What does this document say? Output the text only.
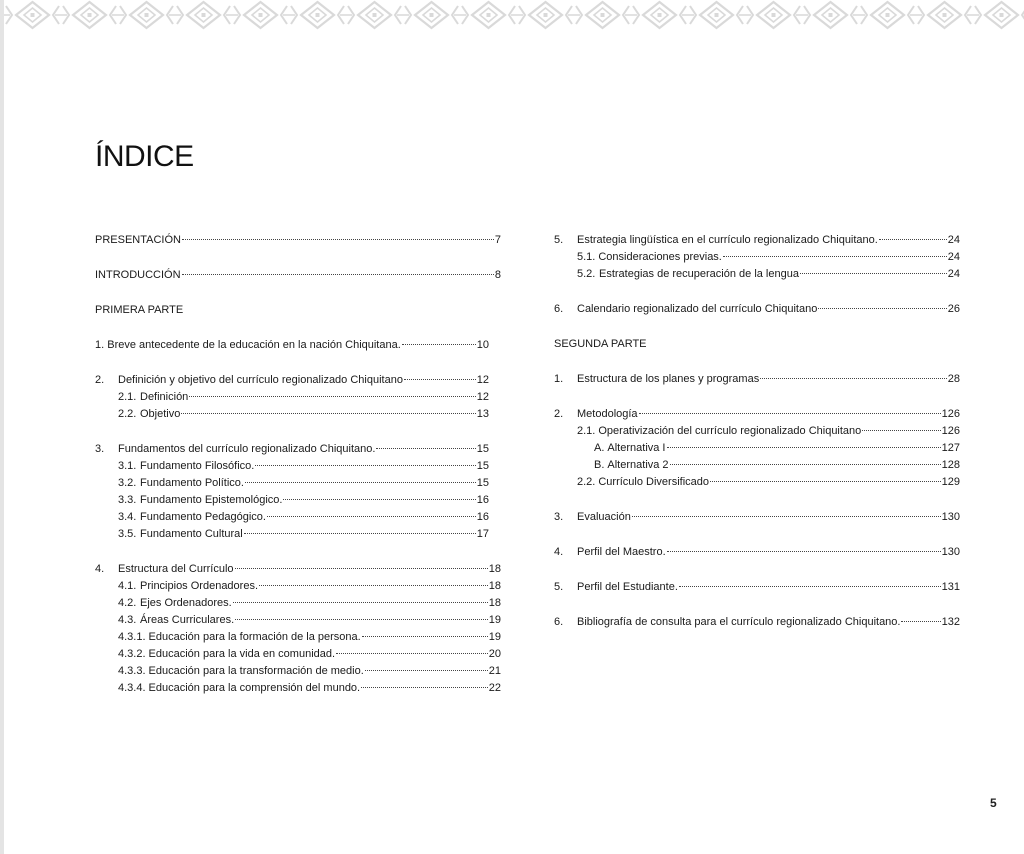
ÍNDICE
PRESENTACIÓN	7
INTRODUCCIÓN	8
PRIMERA PARTE
1. Breve antecedente de la educación en la nación Chiquitana.	10
2.	Definición y objetivo del currículo regionalizado Chiquitano	12
2.1. Definición	12
2.2. Objetivo	13
3.	Fundamentos del currículo regionalizado Chiquitano.	15
3.1. Fundamento Filosófico.	15
3.2. Fundamento Político.	15
3.3. Fundamento Epistemológico.	16
3.4. Fundamento Pedagógico.	16
3.5. Fundamento Cultural	17
4.	Estructura del Currículo	18
4.1. Principios Ordenadores.	18
4.2. Ejes Ordenadores.	18
4.3. Áreas Curriculares.	19
4.3.1. Educación para la formación de la persona.	19
4.3.2. Educación para la vida en comunidad.	20
4.3.3. Educación para la transformación de medio.	21
4.3.4. Educación para la comprensión del mundo.	22
5.	Estrategia lingüística en el currículo regionalizado Chiquitano.	24
5.1. Consideraciones previas.	24
5.2. Estrategias de recuperación de la lengua	24
6.	Calendario regionalizado del currículo Chiquitano	26
SEGUNDA PARTE
1.	Estructura de los planes y programas	28
2.	Metodología	126
2.1. Operativización del currículo regionalizado Chiquitano	126
A. Alternativa I	127
B. Alternativa 2	128
2.2. Currículo Diversificado	129
3.	Evaluación	130
4.	Perfil del Maestro.	130
5.	Perfil del Estudiante.	131
6.	Bibliografía de consulta para el currículo regionalizado Chiquitano.	132
5
